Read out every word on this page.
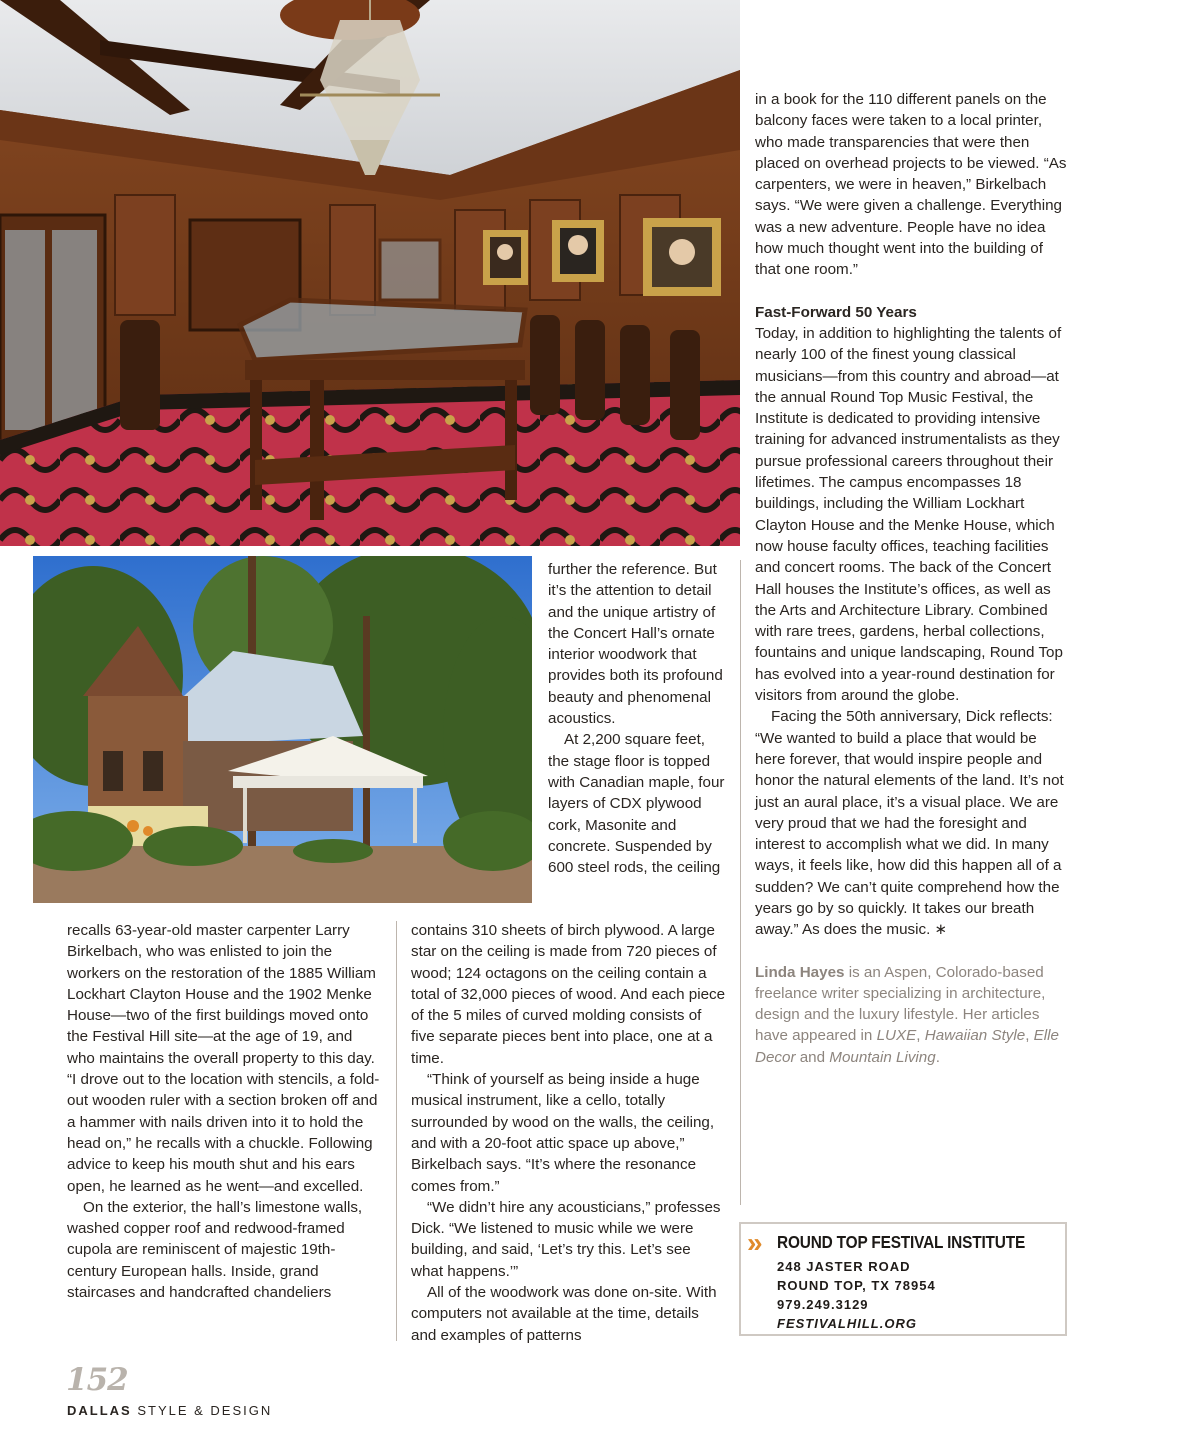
recalls 63-year-old master carpenter Larry Birkelbach, who was enlisted to join the workers on the restoration of the 1885 William Lockhart Clayton House and the 1902 Menke House—two of the first buildings moved onto the Festival Hill site—at the age of 19, and who maintains the overall property to this day. “I drove out to the location with stencils, a fold-out wooden ruler with a section broken off and a hammer with nails driven into it to hold the head on,” he recalls with a chuckle. Following advice to keep his mouth shut and his ears open, he learned as he went—and excelled.

On the exterior, the hall’s limestone walls, washed copper roof and redwood-framed cupola are reminiscent of majestic 19th-century European halls. Inside, grand staircases and handcrafted chandeliers

further the reference. But it’s the attention to detail and the unique artistry of the Concert Hall’s ornate interior woodwork that provides both its profound beauty and phenomenal acoustics.

At 2,200 square feet, the stage floor is topped with Canadian maple, four layers of CDX plywood cork, Masonite and concrete. Suspended by 600 steel rods, the ceiling

contains 310 sheets of birch plywood. A large star on the ceiling is made from 720 pieces of wood; 124 octagons on the ceiling contain a total of 32,000 pieces of wood. And each piece of the 5 miles of curved molding consists of five separate pieces bent into place, one at a time.

“Think of yourself as being inside a huge musical instrument, like a cello, totally surrounded by wood on the walls, the ceiling, and with a 20-foot attic space up above,” Birkelbach says. “It’s where the resonance comes from.”

“We didn’t hire any acousticians,” professes Dick. “We listened to music while we were building, and said, ‘Let’s try this. Let’s see what happens.’”

All of the woodwork was done on-site. With computers not available at the time, details and examples of patterns

in a book for the 110 different panels on the balcony faces were taken to a local printer, who made transparencies that were then placed on overhead projects to be viewed. “As carpenters, we were in heaven,” Birkelbach says. “We were given a challenge. Everything was a new adventure. People have no idea how much thought went into the building of that one room.”

Fast-Forward 50 Years

Today, in addition to highlighting the talents of nearly 100 of the finest young classical musicians—from this country and abroad—at the annual Round Top Music Festival, the Institute is dedicated to providing intensive training for advanced instrumentalists as they pursue professional careers throughout their lifetimes. The campus encompasses 18 buildings, including the William Lockhart Clayton House and the Menke House, which now house faculty offices, teaching facilities and concert rooms. The back of the Concert Hall houses the Institute’s offices, as well as the Arts and Architecture Library. Combined with rare trees, gardens, herbal collections, fountains and unique landscaping, Round Top has evolved into a year-round destination for visitors from around the globe.

Facing the 50th anniversary, Dick reflects: “We wanted to build a place that would be here forever, that would inspire people and honor the natural elements of the land. It’s not just an aural place, it’s a visual place. We are very proud that we had the foresight and interest to accomplish what we did. In many ways, it feels like, how did this happen all of a sudden? We can’t quite comprehend how the years go by so quickly. It takes our breath away.” As does the music. ∗

Linda Hayes is an Aspen, Colorado-based freelance writer specializing in architecture, design and the luxury lifestyle. Her articles have appeared in LUXE, Hawaiian Style, Elle Decor and Mountain Living.

» ROUND TOP FESTIVAL INSTITUTE
248 JASTER ROAD
ROUND TOP, TX 78954
979.249.3129
FESTIVALHILL.ORG
152
DALLAS STYLE & DESIGN
